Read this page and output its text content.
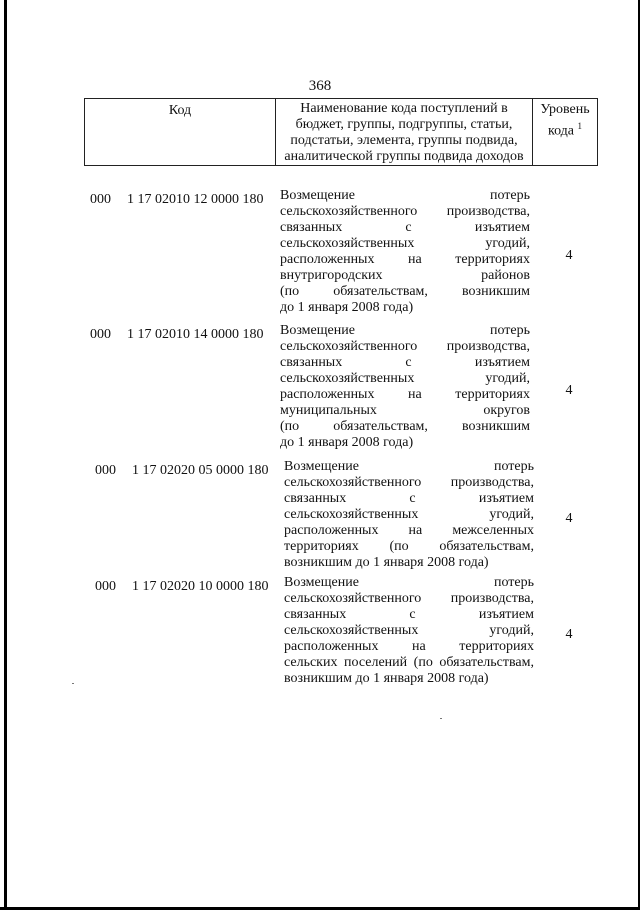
368
Код	Наименование кода поступлений в
бюджет, группы, подгруппы, статьи,
подстатьи, элемента, группы подвида,
аналитической группы подвида доходов
Уровень
кода $^1$
000 1 17 02010 12 0000 180 Возмещение потерь
сельскохозяйственного производства,
связанных с изъятием
сельскохозяйственных угодий,
расположенных на территориях
внутригородских районов
(по обязательствам, возникшим
до 1 января 2008 года)
4
000 1 17 02010 14 0000 180 Возмещение потерь
сельскохозяйственного производства,
связанных с изъятием
сельскохозяйственных угодий,
расположенных на территориях
муниципальных округов
(по обязательствам, возникшим
до 1 января 2008 года)
4
000 1 17 02020 05 0000 180 Возмещение потерь
сельскохозяйственного производства,
связанных с изъятием
сельскохозяйственных угодий,
расположенных на межселенных
территориях (по обязательствам,
возникшим до 1 января 2008 года)
4
000 1 17 02020 10 0000 180 Возмещение потерь
сельскохозяйственного производства,
связанных с изъятием
сельскохозяйственных угодий,
расположенных на территориях
сельских поселений (по обязательствам,
возникшим до 1 января 2008 года)
4
